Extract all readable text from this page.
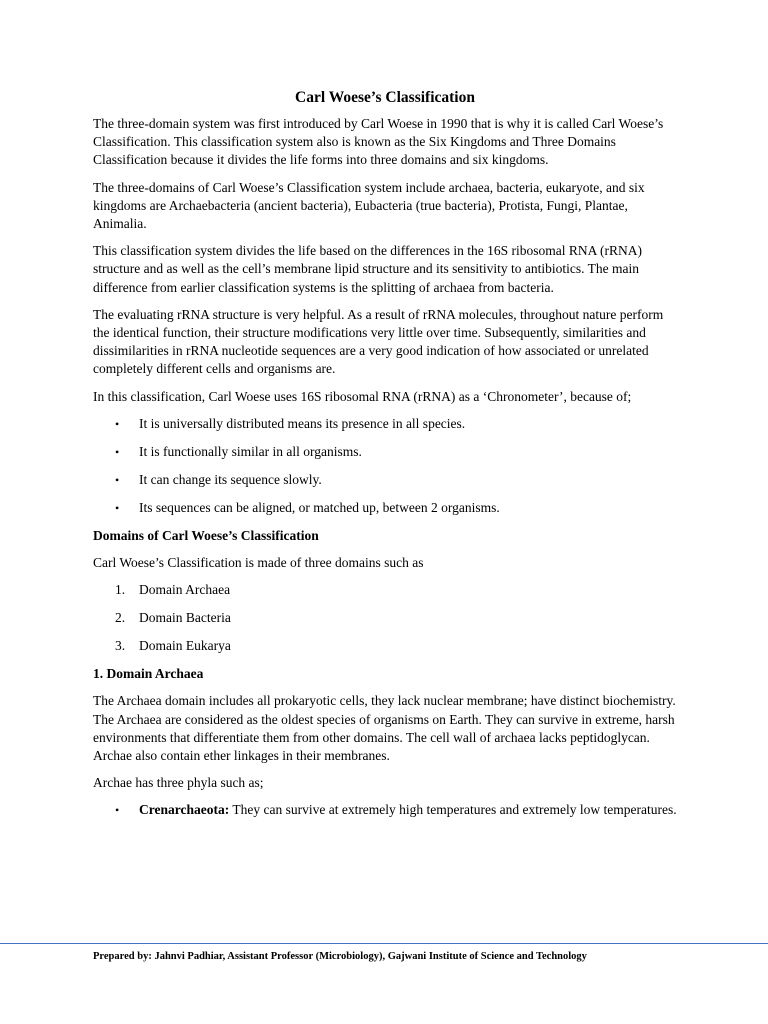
Carl Woese’s Classification

The three-domain system was first introduced by Carl Woese in 1990 that is why it is called Carl Woese’s Classification. This classification system also is known as the Six Kingdoms and Three Domains Classification because it divides the life forms into three domains and six kingdoms.

The three-domains of Carl Woese’s Classification system include archaea, bacteria, eukaryote, and six kingdoms are Archaebacteria (ancient bacteria), Eubacteria (true bacteria), Protista, Fungi, Plantae, Animalia.

This classification system divides the life based on the differences in the 16S ribosomal RNA (rRNA) structure and as well as the cell’s membrane lipid structure and its sensitivity to antibiotics. The main difference from earlier classification systems is the splitting of archaea from bacteria.

The evaluating rRNA structure is very helpful. As a result of rRNA molecules, throughout nature perform the identical function, their structure modifications very little over time. Subsequently, similarities and dissimilarities in rRNA nucleotide sequences are a very good indication of how associated or unrelated completely different cells and organisms are.

In this classification, Carl Woese uses 16S ribosomal RNA (rRNA) as a ‘Chronometer’, because of;

• It is universally distributed means its presence in all species.
• It is functionally similar in all organisms.
• It can change its sequence slowly.
• Its sequences can be aligned, or matched up, between 2 organisms.
Domains of Carl Woese’s Classification

Carl Woese’s Classification is made of three domains such as

1. Domain Archaea
2. Domain Bacteria
3. Domain Eukarya
1. Domain Archaea

The Archaea domain includes all prokaryotic cells, they lack nuclear membrane; have distinct biochemistry. The Archaea are considered as the oldest species of organisms on Earth. They can survive in extreme, harsh environments that differentiate them from other domains. The cell wall of archaea lacks peptidoglycan. Archae also contain ether linkages in their membranes.

Archae has three phyla such as;

• Crenarchaeota: They can survive at extremely high temperatures and extremely low temperatures.
Prepared by: Jahnvi Padhiar, Assistant Professor (Microbiology), Gajwani Institute of Science and Technology
